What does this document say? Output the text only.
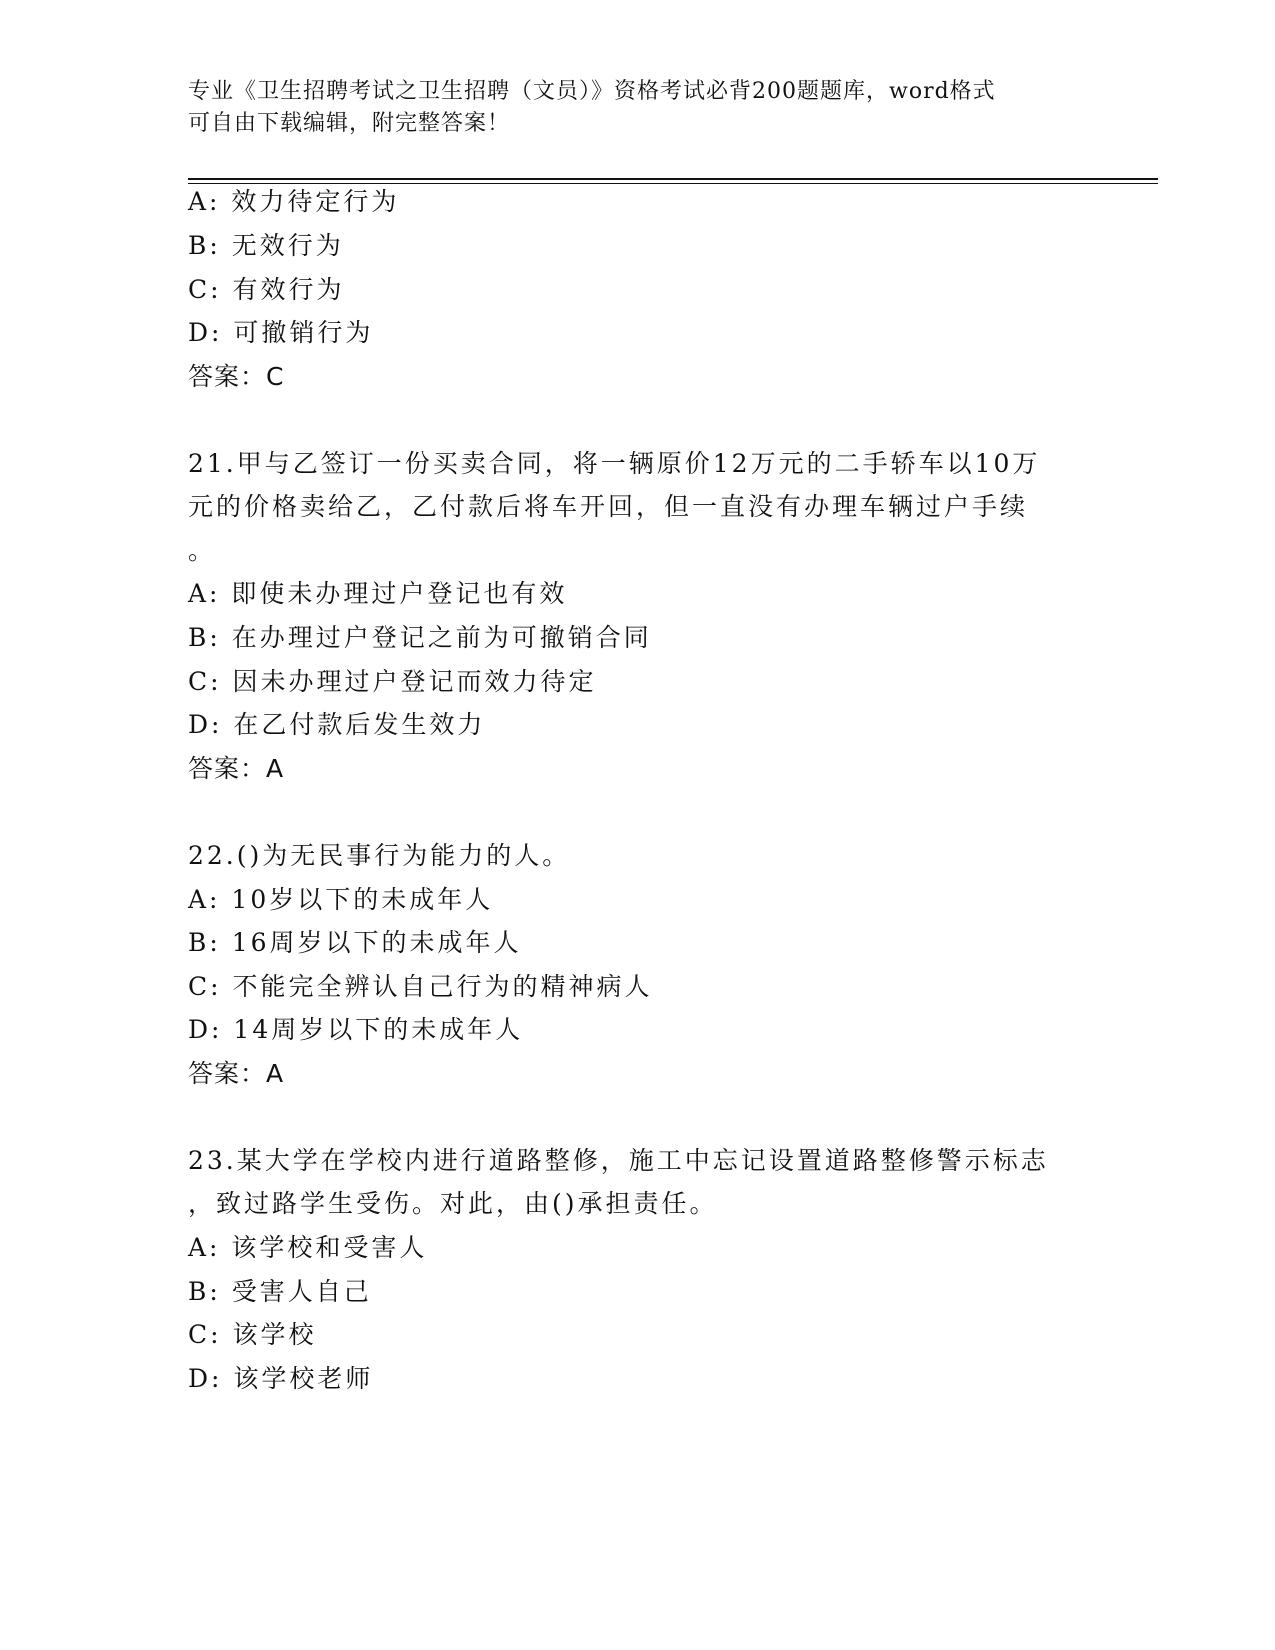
专业《卫生招聘考试之卫生招聘（文员）》资格考试必背200题题库，word格式
可自由下载编辑，附完整答案！
A: 效力待定行为
B: 无效行为
C: 有效行为
D: 可撤销行为
答案：C
21.甲与乙签订一份买卖合同，将一辆原价12万元的二手轿车以10万
元的价格卖给乙，乙付款后将车开回，但一直没有办理车辆过户手续
。
A: 即使未办理过户登记也有效
B: 在办理过户登记之前为可撤销合同
C: 因未办理过户登记而效力待定
D: 在乙付款后发生效力
答案：A
22.()为无民事行为能力的人。
A: 10岁以下的未成年人
B: 16周岁以下的未成年人
C: 不能完全辨认自己行为的精神病人
D: 14周岁以下的未成年人
答案：A
23.某大学在学校内进行道路整修，施工中忘记设置道路整修警示标志
，致过路学生受伤。对此，由()承担责任。
A: 该学校和受害人
B: 受害人自己
C: 该学校
D: 该学校老师
